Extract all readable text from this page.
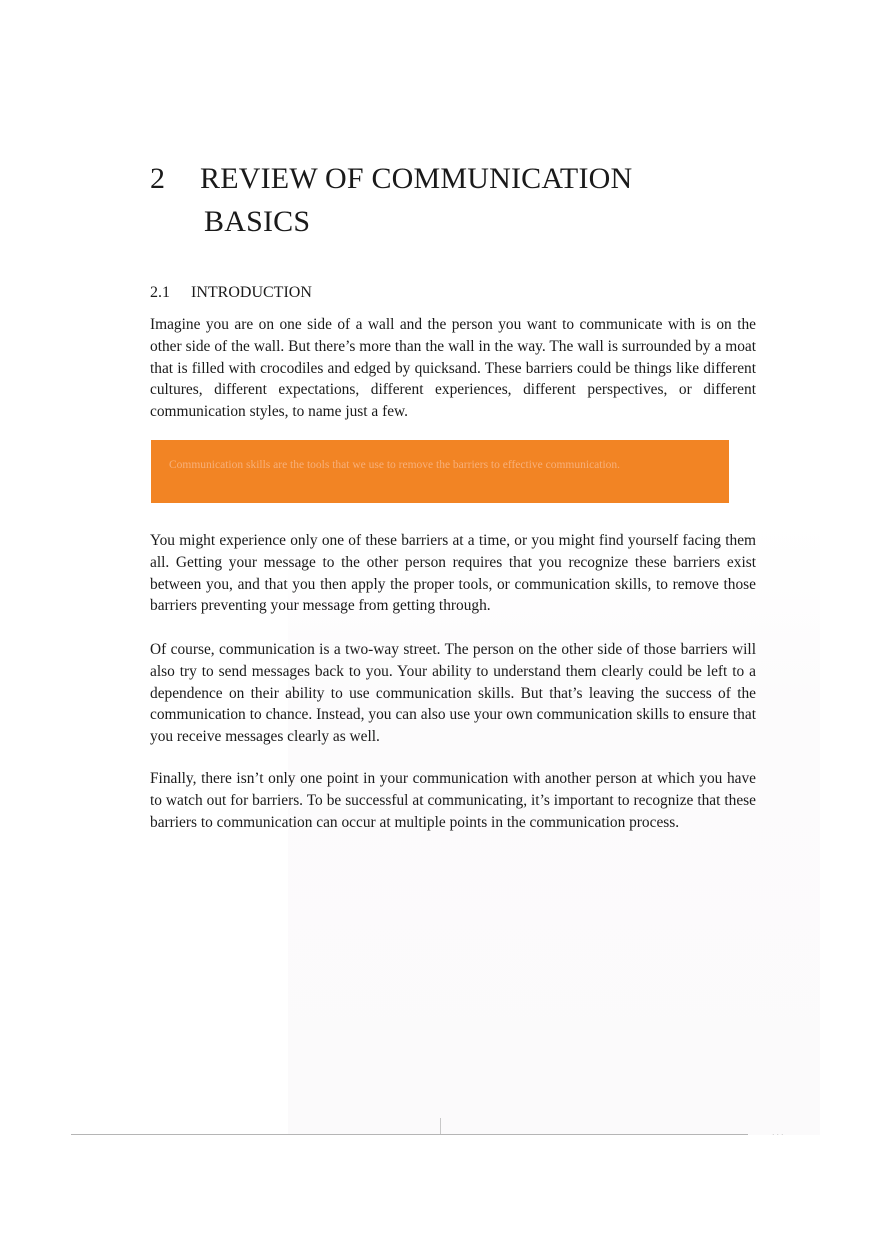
2 REVIEW OF COMMUNICATION
BASICS
2.1 INTRODUCTION

Imagine you are on one side of a wall and the person you want to communicate with is on the other side of the wall. But there’s more than the wall in the way. The wall is surrounded by a moat that is filled with crocodiles and edged by quicksand. These barriers could be things like different cultures, different expectations, different experiences, different perspectives, or different communication styles, to name just a few.

Communication skills are the tools that we use to remove the barriers to effective communication.

You might experience only one of these barriers at a time, or you might find yourself facing them all. Getting your message to the other person requires that you recognize these barriers exist between you, and that you then apply the proper tools, or communication skills, to remove those barriers preventing your message from getting through.

Of course, communication is a two-way street. The person on the other side of those barriers will also try to send messages back to you. Your ability to understand them clearly could be left to a dependence on their ability to use communication skills. But that’s leaving the success of the communication to chance. Instead, you can also use your own communication skills to ensure that you receive messages clearly as well.

Finally, there isn’t only one point in your communication with another person at which you have to watch out for barriers. To be successful at communicating, it’s important to recognize that these barriers to communication can occur at multiple points in the communication process.

...
